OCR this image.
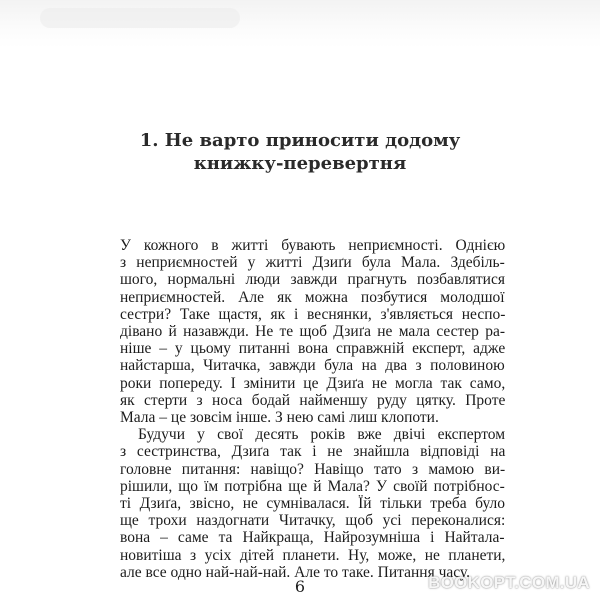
1. Не варто приносити додому
книжку-перевертня

У кожного в житті бувають неприємності. Однією

з неприємностей у житті Дзиґи була Мала. Здебіль-

шого, нормальні люди завжди прагнуть позбавлятися

неприємностей. Але як можна позбутися молодшої

сестри? Таке щастя, як і веснянки, з'являється неспо-

дівано й назавжди. Не те щоб Дзиґа не мала сестер ра-

ніше – у цьому питанні вона справжній експерт, адже

найстарша, Читачка, завжди була на два з половиною

роки попереду. І змінити це Дзиґа не могла так само,

як стерти з носа бодай найменшу руду цятку. Проте

Мала – це зовсім інше. З нею самі лиш клопоти.

Будучи у свої десять років вже двічі експертом

з сестринства, Дзиґа так і не знайшла відповіді на

головне питання: навіщо? Навіщо тато з мамою ви-

рішили, що їм потрібна ще й Мала? У своїй потрібнос-

ті Дзиґа, звісно, не сумнівалася. Їй тільки треба було

ще трохи наздогнати Читачку, щоб усі переконалися:

вона – саме та Найкраща, Найрозумніша і Найтала-

новитіша з усіх дітей планети. Ну, може, не планети,

але все одно най-най-най. Але то таке. Питання часу.

6	BOOKOPT.COM.UA
